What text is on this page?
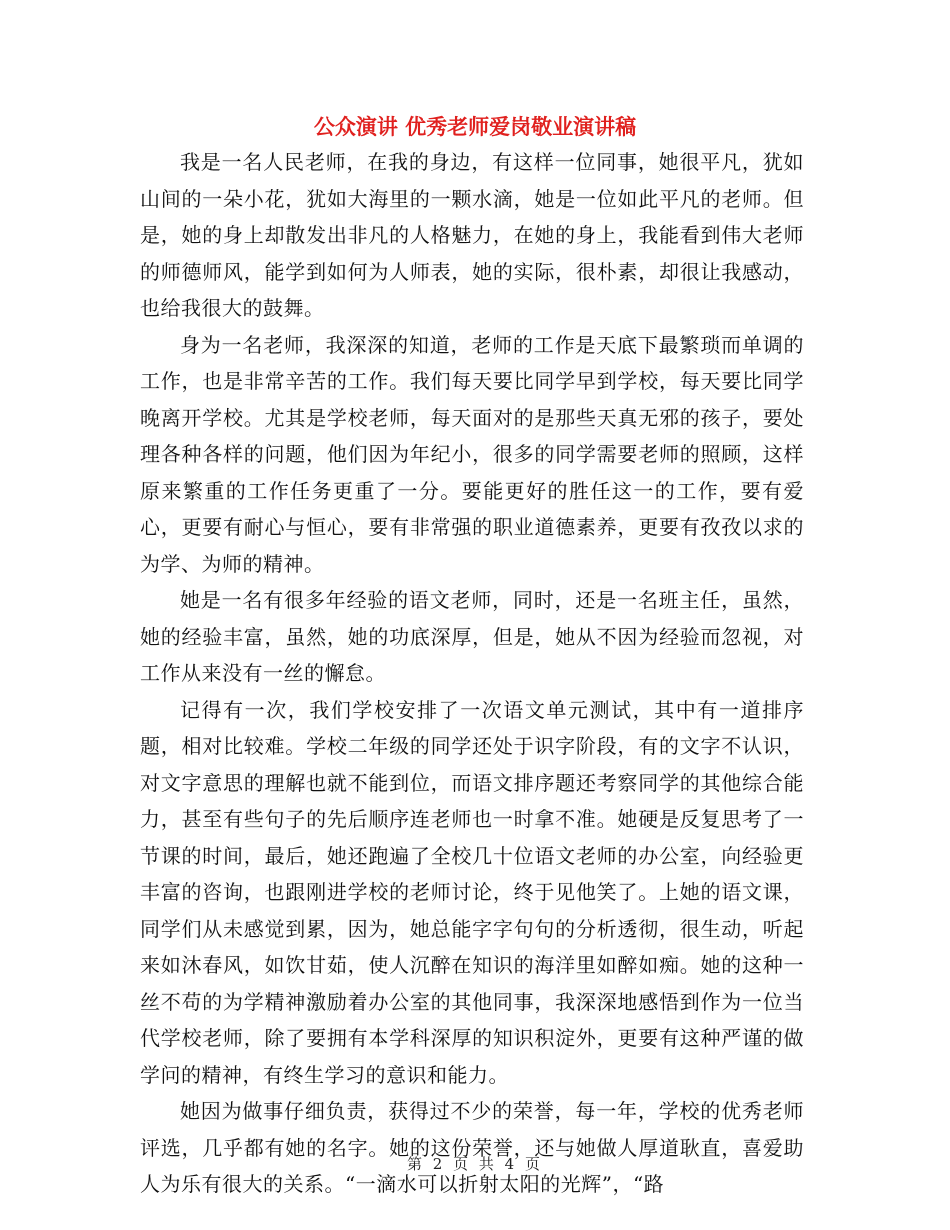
公众演讲 优秀老师爱岗敬业演讲稿

我是一名人民老师，在我的身边，有这样一位同事，她很平凡，犹如山间的一朵小花，犹如大海里的一颗水滴，她是一位如此平凡的老师。但是，她的身上却散发出非凡的人格魅力，在她的身上，我能看到伟大老师的师德师风，能学到如何为人师表，她的实际，很朴素，却很让我感动，也给我很大的鼓舞。

身为一名老师，我深深的知道，老师的工作是天底下最繁琐而单调的工作，也是非常辛苦的工作。我们每天要比同学早到学校，每天要比同学晚离开学校。尤其是学校老师，每天面对的是那些天真无邪的孩子，要处理各种各样的问题，他们因为年纪小，很多的同学需要老师的照顾，这样原来繁重的工作任务更重了一分。要能更好的胜任这一的工作，要有爱心，更要有耐心与恒心，要有非常强的职业道德素养，更要有孜孜以求的为学、为师的精神。

她是一名有很多年经验的语文老师，同时，还是一名班主任，虽然，她的经验丰富，虽然，她的功底深厚，但是，她从不因为经验而忽视，对工作从来没有一丝的懈怠。

记得有一次，我们学校安排了一次语文单元测试，其中有一道排序题，相对比较难。学校二年级的同学还处于识字阶段，有的文字不认识，对文字意思的理解也就不能到位，而语文排序题还考察同学的其他综合能力，甚至有些句子的先后顺序连老师也一时拿不准。她硬是反复思考了一节课的时间，最后，她还跑遍了全校几十位语文老师的办公室，向经验更丰富的咨询，也跟刚进学校的老师讨论，终于见他笑了。上她的语文课，同学们从未感觉到累，因为，她总能字字句句的分析透彻，很生动，听起来如沐春风，如饮甘茹，使人沉醉在知识的海洋里如醉如痴。她的这种一丝不苟的为学精神激励着办公室的其他同事，我深深地感悟到作为一位当代学校老师，除了要拥有本学科深厚的知识积淀外，更要有这种严谨的做学问的精神，有终生学习的意识和能力。

她因为做事仔细负责，获得过不少的荣誉，每一年，学校的优秀老师评选，几乎都有她的名字。她的这份荣誉，还与她做人厚道耿直，喜爱助人为乐有很大的关系。“一滴水可以折射太阳的光辉”，“路

第 2 页 共 4 页
